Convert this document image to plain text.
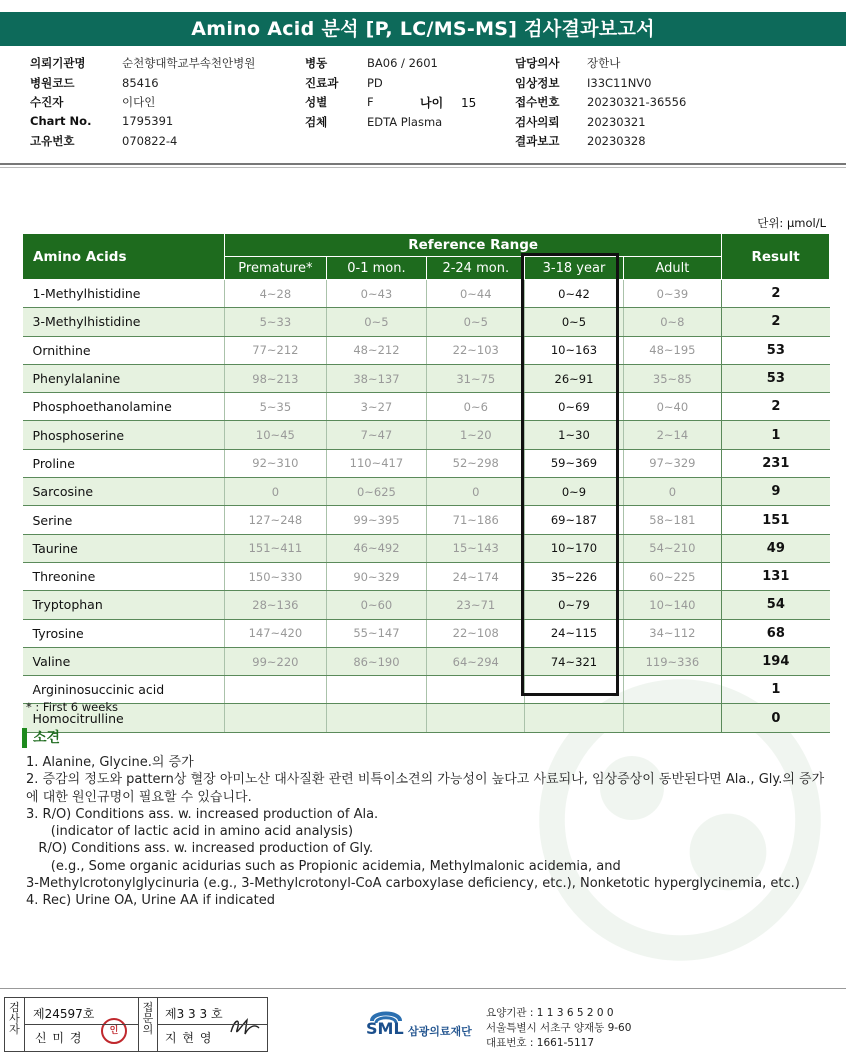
Amino Acid 분석 [P, LC/MS-MS] 검사결과보고서
의뢰기관명	순천향대학교부속천안병원
병원코드	85416
수진자	이다인
Chart No.	1795391
고유번호	070822-4
병동	BA06 / 2601
진료과 PD
성별	F
검체	EDTA Plasma
담당의사 장한나
임상정보 I33C11NV0
접수번호 20230321-36556
검사의뢰 20230321
결과보고 20230328
나이 15
단위: µmol/L
Amino Acids	Reference Range					Result
	Premature*	0-1 mon.	2-24 mon.	3-18 year	Adult	
1-Methylhistidine	4~28	0~43	0~44	0~42	0~39	2
3-Methylhistidine	5~33	0~5	0~5	0~5	0~8	2
Ornithine	77~212	48~212	22~103	10~163	48~195	53
Phenylalanine	98~213	38~137	31~75	26~91	35~85	53
Phosphoethanolamine	5~35	3~27	0~6	0~69	0~40	2
Phosphoserine	10~45	7~47	1~20	1~30	2~14	1
Proline	92~310	110~417	52~298	59~369	97~329	231
Sarcosine	0	0~625	0	0~9	0	9
Serine	127~248	99~395	71~186	69~187	58~181	151
Taurine	151~411	46~492	15~143	10~170	54~210	49
Threonine	150~330	90~329	24~174	35~226	60~225	131
Tryptophan	28~136	0~60	23~71	0~79	10~140	54
Tyrosine	147~420	55~147	22~108	24~115	34~112	68
Valine	99~220	86~190	64~294	74~321	119~336	194
Argininosuccinic acid						1
Homocitrulline						0
* : First 6 weeks
소견
1. Alanine, Glycine.의 증가
2. 증감의 정도와 pattern상 혈장 아미노산 대사질환 관련 비특이소견의 가능성이 높다고 사료되나, 임상증상이 동반된다면 Ala., Gly.의 증가에 대한 원인규명이 필요할 수 있습니다.
3. R/O) Conditions ass. w. increased production of Ala.
(indicator of lactic acid in amino acid analysis)
R/O) Conditions ass. w. increased production of Gly.
(e.g., Some organic acidurias such as Propionic acidemia, Methylmalonic acidemia, and
3-Methylcrotonylglycinuria (e.g., 3-Methylcrotonyl-CoA carboxylase deficiency, etc.), Nonketotic hyperglycinemia, etc.)
4. Rec) Urine OA, Urine AA if indicated
검사자
제24597호
신 미 경	인
접문의
제3 3 3 호
지 현 영	SML 삼광의료재단
요양기관 : 1 1 3 6 5 2 0 0
서울특별시 서초구 양재동 9-60
대표번호 : 1661-5117
